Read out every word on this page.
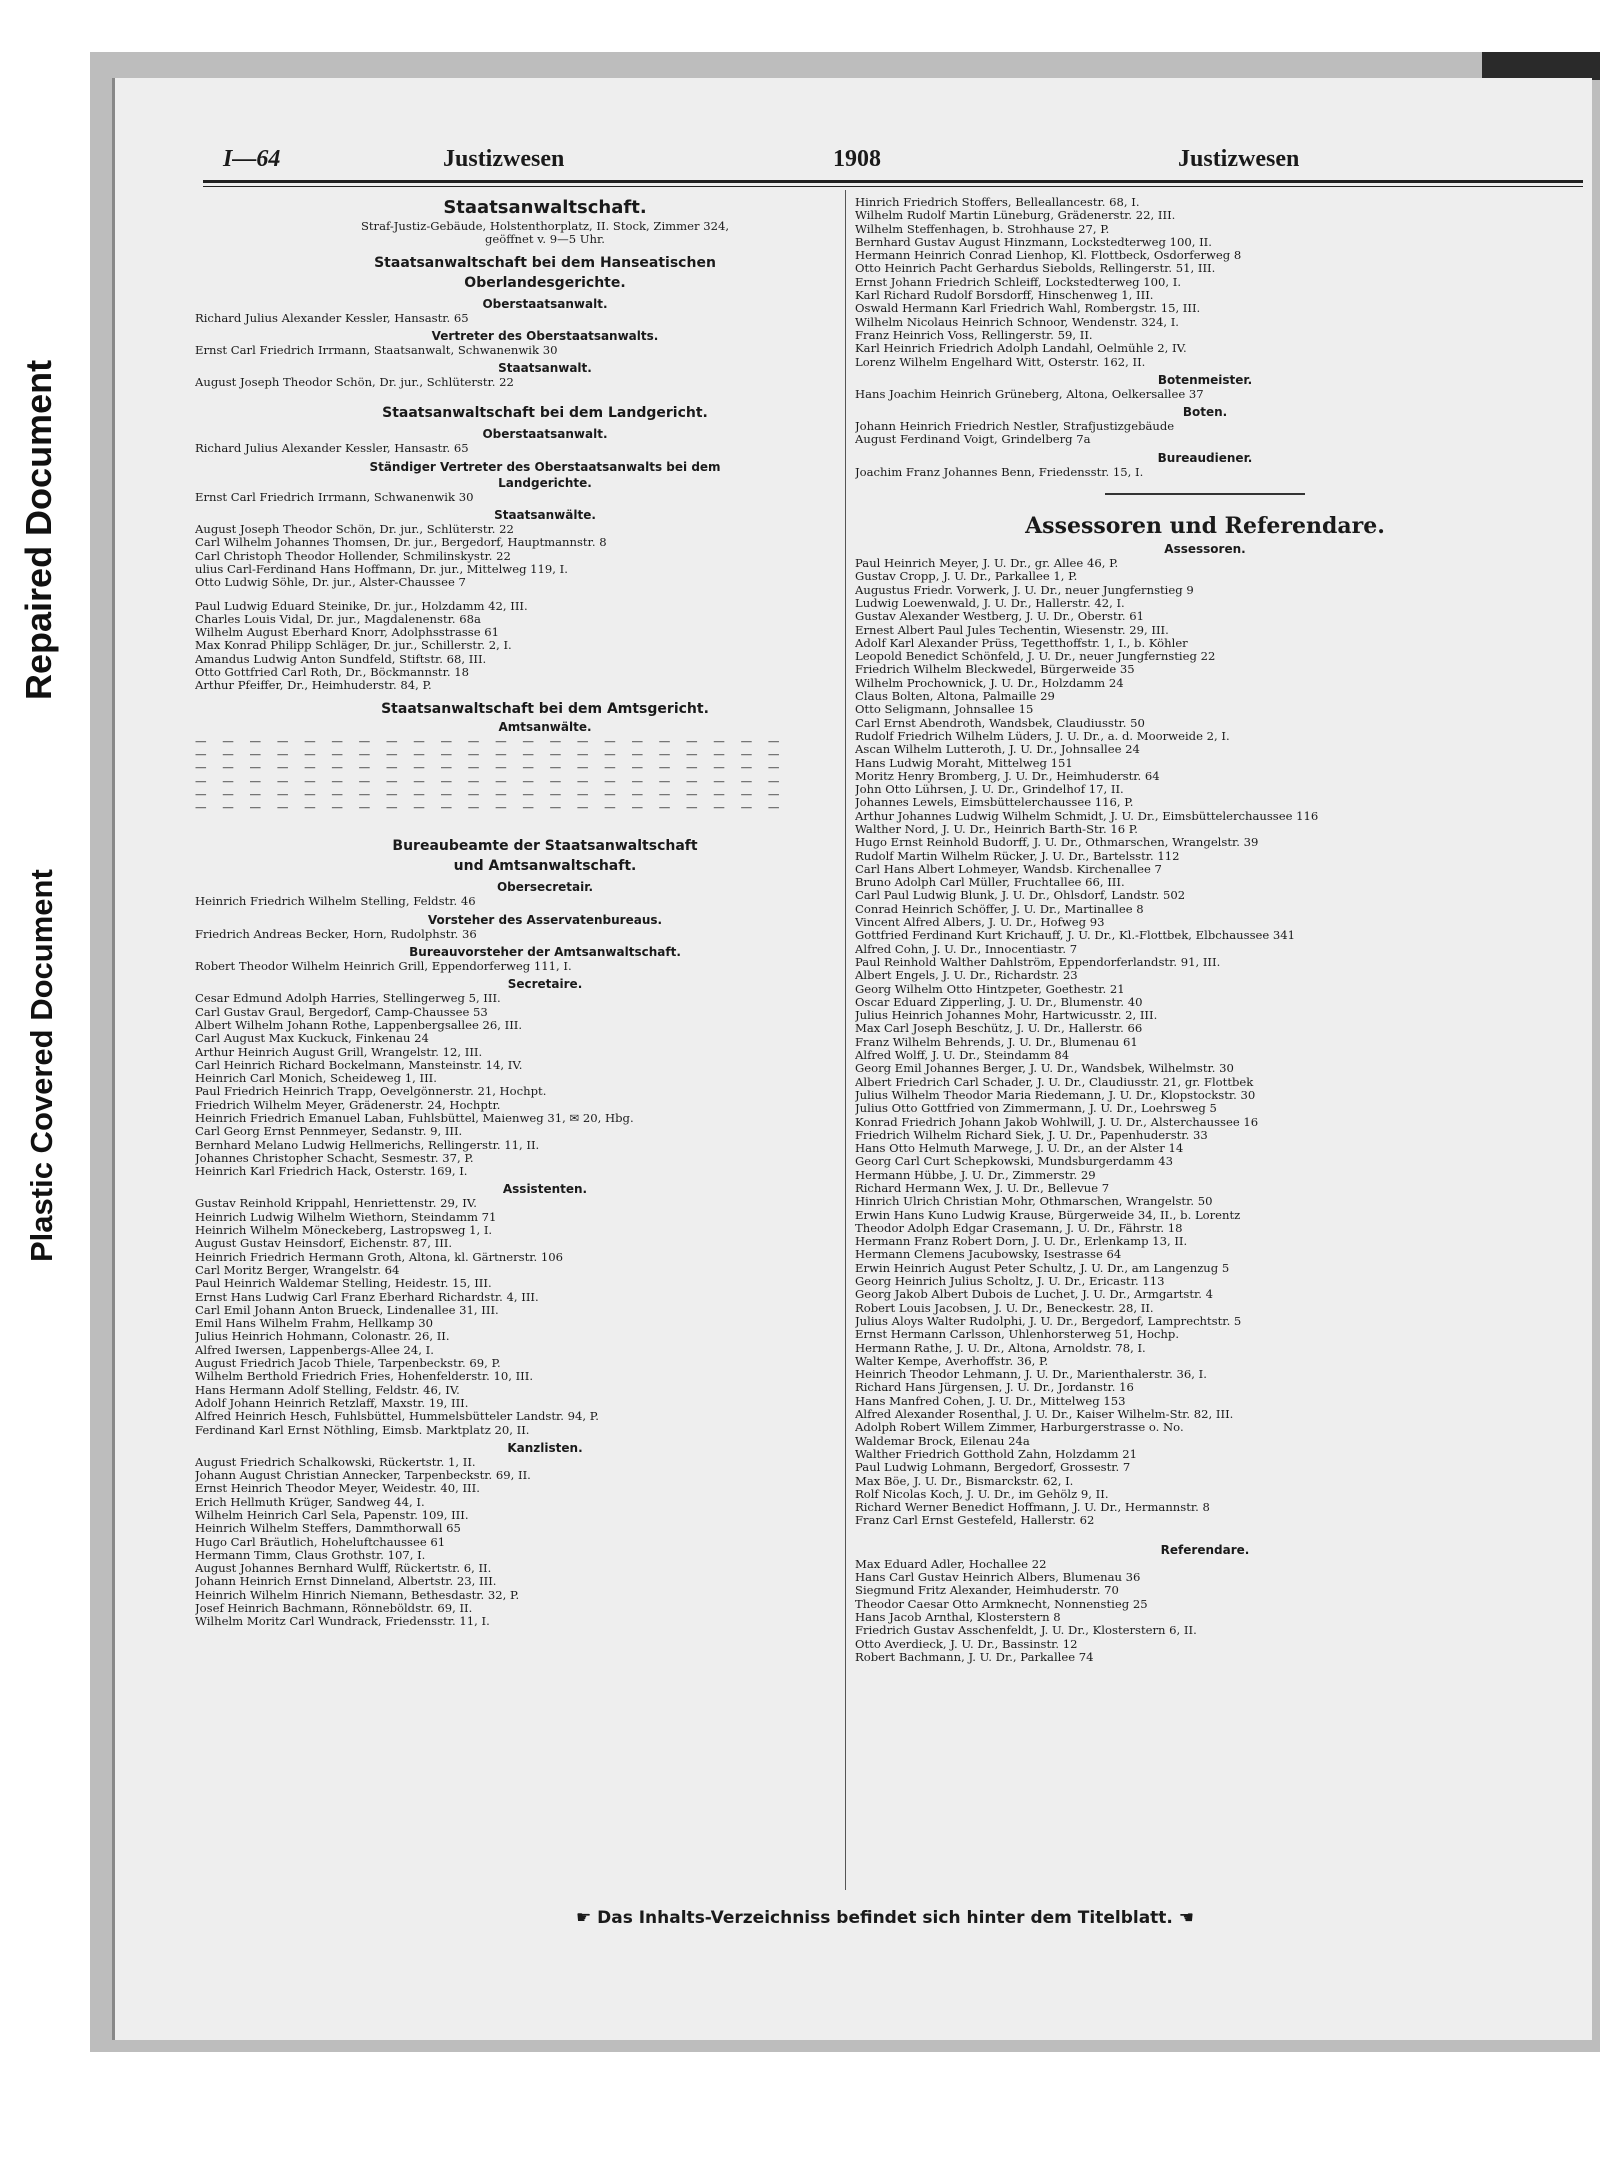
Repaired Document
Plastic Covered Document
I—64	Justizwesen	1908	Justizwesen
Staatsanwaltschaft.
Straf-Justiz-Gebäude, Holstenthorplatz, II. Stock, Zimmer 324,
geöffnet v. 9—5 Uhr.
Staatsanwaltschaft bei dem Hanseatischen
Oberlandesgerichte.
Oberstaatsanwalt.
Richard Julius Alexander Kessler, Hansastr. 65
Vertreter des Oberstaatsanwalts.
Ernst Carl Friedrich Irrmann, Staatsanwalt, Schwanenwik 30
Staatsanwalt.
August Joseph Theodor Schön, Dr. jur., Schlüterstr. 22
Staatsanwaltschaft bei dem Landgericht.
Oberstaatsanwalt.
Richard Julius Alexander Kessler, Hansastr. 65
Ständiger Vertreter des Oberstaatsanwalts bei dem
Landgerichte.
Ernst Carl Friedrich Irrmann, Schwanenwik 30
Staatsanwälte.
August Joseph Theodor Schön, Dr. jur., Schlüterstr. 22
Carl Wilhelm Johannes Thomsen, Dr. jur., Bergedorf, Hauptmannstr. 8
Carl Christoph Theodor Hollender, Schmilinskystr. 22
ulius Carl-Ferdinand Hans Hoffmann, Dr. jur., Mittelweg 119, I.
Otto Ludwig Söhle, Dr. jur., Alster-Chaussee 7
Paul Ludwig Eduard Steinike, Dr. jur., Holzdamm 42, III.
Charles Louis Vidal, Dr. jur., Magdalenenstr. 68a
Wilhelm August Eberhard Knorr, Adolphsstrasse 61
Max Konrad Philipp Schläger, Dr. jur., Schillerstr. 2, I.
Amandus Ludwig Anton Sundfeld, Stiftstr. 68, III.
Otto Gottfried Carl Roth, Dr., Böckmannstr. 18
Arthur Pfeiffer, Dr., Heimhuderstr. 84, P.
Staatsanwaltschaft bei dem Amtsgericht.
Amtsanwälte.
— — — — — — — — — — — — — — — — — — — — — —
— — — — — — — — — — — — — — — — — — — — — —
— — — — — — — — — — — — — — — — — — — — — —
— — — — — — — — — — — — — — — — — — — — — —
— — — — — — — — — — — — — — — — — — — — — —
— — — — — — — — — — — — — — — — — — — — — —
Bureaubeamte der Staatsanwaltschaft
und Amtsanwaltschaft.
Obersecretair.
Heinrich Friedrich Wilhelm Stelling, Feldstr. 46
Vorsteher des Asservatenbureaus.
Friedrich Andreas Becker, Horn, Rudolphstr. 36
Bureauvorsteher der Amtsanwaltschaft.
Robert Theodor Wilhelm Heinrich Grill, Eppendorferweg 111, I.
Secretaire.
Cesar Edmund Adolph Harries, Stellingerweg 5, III.
Carl Gustav Graul, Bergedorf, Camp-Chaussee 53
Albert Wilhelm Johann Rothe, Lappenbergsallee 26, III.
Carl August Max Kuckuck, Finkenau 24
Arthur Heinrich August Grill, Wrangelstr. 12, III.
Carl Heinrich Richard Bockelmann, Mansteinstr. 14, IV.
Heinrich Carl Monich, Scheideweg 1, III.
Paul Friedrich Heinrich Trapp, Oevelgönnerstr. 21, Hochpt.
Friedrich Wilhelm Meyer, Grädenerstr. 24, Hochptr.
Heinrich Friedrich Emanuel Laban, Fuhlsbüttel, Maienweg 31, ✉ 20, Hbg.
Carl Georg Ernst Pennmeyer, Sedanstr. 9, III.
Bernhard Melano Ludwig Hellmerichs, Rellingerstr. 11, II.
Johannes Christopher Schacht, Sesmestr. 37, P.
Heinrich Karl Friedrich Hack, Osterstr. 169, I.
Assistenten.
Gustav Reinhold Krippahl, Henriettenstr. 29, IV.
Heinrich Ludwig Wilhelm Wiethorn, Steindamm 71
Heinrich Wilhelm Möneckeberg, Lastropsweg 1, I.
August Gustav Heinsdorf, Eichenstr. 87, III.
Heinrich Friedrich Hermann Groth, Altona, kl. Gärtnerstr. 106
Carl Moritz Berger, Wrangelstr. 64
Paul Heinrich Waldemar Stelling, Heidestr. 15, III.
Ernst Hans Ludwig Carl Franz Eberhard Richardstr. 4, III.
Carl Emil Johann Anton Brueck, Lindenallee 31, III.
Emil Hans Wilhelm Frahm, Hellkamp 30
Julius Heinrich Hohmann, Colonastr. 26, II.
Alfred Iwersen, Lappenbergs-Allee 24, I.
August Friedrich Jacob Thiele, Tarpenbeckstr. 69, P.
Wilhelm Berthold Friedrich Fries, Hohenfelderstr. 10, III.
Hans Hermann Adolf Stelling, Feldstr. 46, IV.
Adolf Johann Heinrich Retzlaff, Maxstr. 19, III.
Alfred Heinrich Hesch, Fuhlsbüttel, Hummelsbütteler Landstr. 94, P.
Ferdinand Karl Ernst Nöthling, Eimsb. Marktplatz 20, II.
Kanzlisten.
August Friedrich Schalkowski, Rückertstr. 1, II.
Johann August Christian Annecker, Tarpenbeckstr. 69, II.
Ernst Heinrich Theodor Meyer, Weidestr. 40, III.
Erich Hellmuth Krüger, Sandweg 44, I.
Wilhelm Heinrich Carl Sela, Papenstr. 109, III.
Heinrich Wilhelm Steffers, Dammthorwall 65
Hugo Carl Bräutlich, Hoheluftchaussee 61
Hermann Timm, Claus Grothstr. 107, I.
August Johannes Bernhard Wulff, Rückertstr. 6, II.
Johann Heinrich Ernst Dinneland, Albertstr. 23, III.
Heinrich Wilhelm Hinrich Niemann, Bethesdastr. 32, P.
Josef Heinrich Bachmann, Rönneböldstr. 69, II.
Wilhelm Moritz Carl Wundrack, Friedensstr. 11, I.
Hinrich Friedrich Stoffers, Belleallancestr. 68, I.
Wilhelm Rudolf Martin Lüneburg, Grädenerstr. 22, III.
Wilhelm Steffenhagen, b. Strohhause 27, P.
Bernhard Gustav August Hinzmann, Lockstedterweg 100, II.
Hermann Heinrich Conrad Lienhop, Kl. Flottbeck, Osdorferweg 8
Otto Heinrich Pacht Gerhardus Siebolds, Rellingerstr. 51, III.
Ernst Johann Friedrich Schleiff, Lockstedterweg 100, I.
Karl Richard Rudolf Borsdorff, Hinschenweg 1, III.
Oswald Hermann Karl Friedrich Wahl, Rombergstr. 15, III.
Wilhelm Nicolaus Heinrich Schnoor, Wendenstr. 324, I.
Franz Heinrich Voss, Rellingerstr. 59, II.
Karl Heinrich Friedrich Adolph Landahl, Oelmühle 2, IV.
Lorenz Wilhelm Engelhard Witt, Osterstr. 162, II.
Botenmeister.
Hans Joachim Heinrich Grüneberg, Altona, Oelkersallee 37
Boten.
Johann Heinrich Friedrich Nestler, Strafjustizgebäude
August Ferdinand Voigt, Grindelberg 7a
Bureaudiener.
Joachim Franz Johannes Benn, Friedensstr. 15, I.
Assessoren und Referendare.
Assessoren.
Paul Heinrich Meyer, J. U. Dr., gr. Allee 46, P.
Gustav Cropp, J. U. Dr., Parkallee 1, P.
Augustus Friedr. Vorwerk, J. U. Dr., neuer Jungfernstieg 9
Ludwig Loewenwald, J. U. Dr., Hallerstr. 42, I.
Gustav Alexander Westberg, J. U. Dr., Oberstr. 61
Ernest Albert Paul Jules Techentin, Wiesenstr. 29, III.
Adolf Karl Alexander Prüss, Tegetthoffstr. 1, I., b. Köhler
Leopold Benedict Schönfeld, J. U. Dr., neuer Jungfernstieg 22
Friedrich Wilhelm Bleckwedel, Bürgerweide 35
Wilhelm Prochownick, J. U. Dr., Holzdamm 24
Claus Bolten, Altona, Palmaille 29
Otto Seligmann, Johnsallee 15
Carl Ernst Abendroth, Wandsbek, Claudiusstr. 50
Rudolf Friedrich Wilhelm Lüders, J. U. Dr., a. d. Moorweide 2, I.
Ascan Wilhelm Lutteroth, J. U. Dr., Johnsallee 24
Hans Ludwig Moraht, Mittelweg 151
Moritz Henry Bromberg, J. U. Dr., Heimhuderstr. 64
John Otto Lührsen, J. U. Dr., Grindelhof 17, II.
Johannes Lewels, Eimsbüttelerchaussee 116, P.
Arthur Johannes Ludwig Wilhelm Schmidt, J. U. Dr., Eimsbüttelerchaussee 116
Walther Nord, J. U. Dr., Heinrich Barth-Str. 16 P.
Hugo Ernst Reinhold Budorff, J. U. Dr., Othmarschen, Wrangelstr. 39
Rudolf Martin Wilhelm Rücker, J. U. Dr., Bartelsstr. 112
Carl Hans Albert Lohmeyer, Wandsb. Kirchenallee 7
Bruno Adolph Carl Müller, Fruchtallee 66, III.
Carl Paul Ludwig Blunk, J. U. Dr., Ohlsdorf, Landstr. 502
Conrad Heinrich Schöffer, J. U. Dr., Martinallee 8
Vincent Alfred Albers, J. U. Dr., Hofweg 93
Gottfried Ferdinand Kurt Krichauff, J. U. Dr., Kl.-Flottbek, Elbchaussee 341
Alfred Cohn, J. U. Dr., Innocentiastr. 7
Paul Reinhold Walther Dahlström, Eppendorferlandstr. 91, III.
Albert Engels, J. U. Dr., Richardstr. 23
Georg Wilhelm Otto Hintzpeter, Goethestr. 21
Oscar Eduard Zipperling, J. U. Dr., Blumenstr. 40
Julius Heinrich Johannes Mohr, Hartwicusstr. 2, III.
Max Carl Joseph Beschütz, J. U. Dr., Hallerstr. 66
Franz Wilhelm Behrends, J. U. Dr., Blumenau 61
Alfred Wolff, J. U. Dr., Steindamm 84
Georg Emil Johannes Berger, J. U. Dr., Wandsbek, Wilhelmstr. 30
Albert Friedrich Carl Schader, J. U. Dr., Claudiusstr. 21, gr. Flottbek
Julius Wilhelm Theodor Maria Riedemann, J. U. Dr., Klopstockstr. 30
Julius Otto Gottfried von Zimmermann, J. U. Dr., Loehrsweg 5
Konrad Friedrich Johann Jakob Wohlwill, J. U. Dr., Alsterchaussee 16
Friedrich Wilhelm Richard Siek, J. U. Dr., Papenhuderstr. 33
Hans Otto Helmuth Marwege, J. U. Dr., an der Alster 14
Georg Carl Curt Schepkowski, Mundsburgerdamm 43
Hermann Hübbe, J. U. Dr., Zimmerstr. 29
Richard Hermann Wex, J. U. Dr., Bellevue 7
Hinrich Ulrich Christian Mohr, Othmarschen, Wrangelstr. 50
Erwin Hans Kuno Ludwig Krause, Bürgerweide 34, II., b. Lorentz
Theodor Adolph Edgar Crasemann, J. U. Dr., Fährstr. 18
Hermann Franz Robert Dorn, J. U. Dr., Erlenkamp 13, II.
Hermann Clemens Jacubowsky, Isestrasse 64
Erwin Heinrich August Peter Schultz, J. U. Dr., am Langenzug 5
Georg Heinrich Julius Scholtz, J. U. Dr., Ericastr. 113
Georg Jakob Albert Dubois de Luchet, J. U. Dr., Armgartstr. 4
Robert Louis Jacobsen, J. U. Dr., Beneckestr. 28, II.
Julius Aloys Walter Rudolphi, J. U. Dr., Bergedorf, Lamprechtstr. 5
Ernst Hermann Carlsson, Uhlenhorsterweg 51, Hochp.
Hermann Rathe, J. U. Dr., Altona, Arnoldstr. 78, I.
Walter Kempe, Averhoffstr. 36, P.
Heinrich Theodor Lehmann, J. U. Dr., Marienthalerstr. 36, I.
Richard Hans Jürgensen, J. U. Dr., Jordanstr. 16
Hans Manfred Cohen, J. U. Dr., Mittelweg 153
Alfred Alexander Rosenthal, J. U. Dr., Kaiser Wilhelm-Str. 82, III.
Adolph Robert Willem Zimmer, Harburgerstrasse o. No.
Waldemar Brock, Eilenau 24a
Walther Friedrich Gotthold Zahn, Holzdamm 21
Paul Ludwig Lohmann, Bergedorf, Grossestr. 7
Max Böe, J. U. Dr., Bismarckstr. 62, I.
Rolf Nicolas Koch, J. U. Dr., im Gehölz 9, II.
Richard Werner Benedict Hoffmann, J. U. Dr., Hermannstr. 8
Franz Carl Ernst Gestefeld, Hallerstr. 62
Referendare.
Max Eduard Adler, Hochallee 22
Hans Carl Gustav Heinrich Albers, Blumenau 36
Siegmund Fritz Alexander, Heimhuderstr. 70
Theodor Caesar Otto Armknecht, Nonnenstieg 25
Hans Jacob Arnthal, Klosterstern 8
Friedrich Gustav Asschenfeldt, J. U. Dr., Klosterstern 6, II.
Otto Averdieck, J. U. Dr., Bassinstr. 12
Robert Bachmann, J. U. Dr., Parkallee 74
☛ Das Inhalts-Verzeichniss befindet sich hinter dem Titelblatt. ☚
